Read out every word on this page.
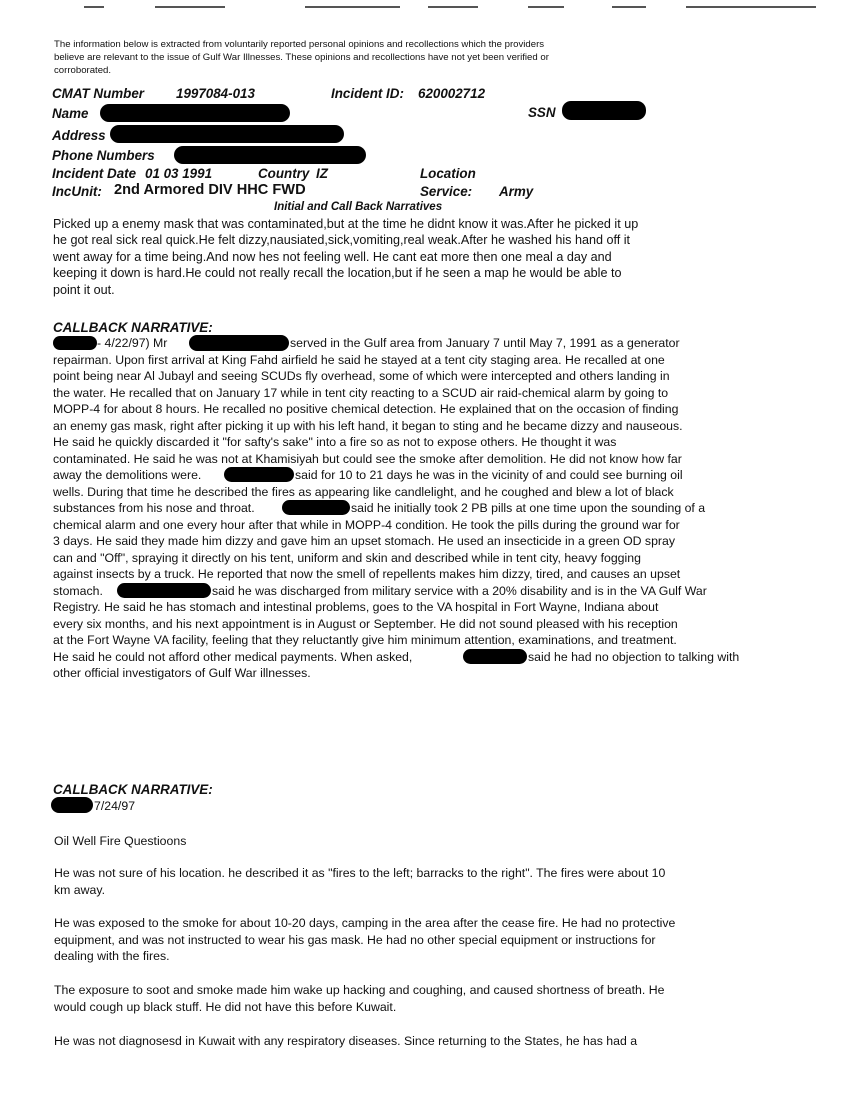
The information below is extracted from voluntarily reported personal opinions and recollections which the providers believe are relevant to the issue of Gulf War Illnesses. These opinions and recollections have not yet been verified or corroborated.
CMAT Number 1997084-013	Incident ID: 620002712
Name	SSN
Address
Phone Numbers
Incident Date 01 03 1991	Country IZ	Location
IncUnit: 2nd Armored DIV HHC FWD	Service: Army
Initial and Call Back Narratives
Picked up a enemy mask that was contaminated,but at the time he didnt know it was.After he picked it up
he got real sick real quick.He felt dizzy,nausiated,sick,vomiting,real weak.After he washed his hand off it
went away for a time being.And now hes not feeling well. He cant eat more then one meal a day and
keeping it down is hard.He could not really recall the location,but if he seen a map he would be able to
point it out.
CALLBACK NARRATIVE:
- 4/22/97) Mr	served in the Gulf area from January 7 until May 7, 1991 as a generator
repairman. Upon first arrival at King Fahd airfield he said he stayed at a tent city staging area. He recalled at one
point being near Al Jubayl and seeing SCUDs fly overhead, some of which were intercepted and others landing in
the water. He recalled that on January 17 while in tent city reacting to a SCUD air raid-chemical alarm by going to
MOPP-4 for about 8 hours. He recalled no positive chemical detection. He explained that on the occasion of finding
an enemy gas mask, right after picking it up with his left hand, it began to sting and he became dizzy and nauseous.
He said he quickly discarded it "for safty's sake" into a fire so as not to expose others. He thought it was
contaminated. He said he was not at Khamisiyah but could see the smoke after demolition. He did not know how far
away the demolitions were.	said for 10 to 21 days he was in the vicinity of and could see burning oil
wells. During that time he described the fires as appearing like candlelight, and he coughed and blew a lot of black
substances from his nose and throat.	said he initially took 2 PB pills at one time upon the sounding of a
chemical alarm and one every hour after that while in MOPP-4 condition. He took the pills during the ground war for
3 days. He said they made him dizzy and gave him an upset stomach. He used an insecticide in a green OD spray
can and "Off", spraying it directly on his tent, uniform and skin and described while in tent city, heavy fogging
against insects by a truck. He reported that now the smell of repellents makes him dizzy, tired, and causes an upset
stomach.	said he was discharged from military service with a 20% disability and is in the VA Gulf War
Registry. He said he has stomach and intestinal problems, goes to the VA hospital in Fort Wayne, Indiana about
every six months, and his next appointment is in August or September. He did not sound pleased with his reception
at the Fort Wayne VA facility, feeling that they reluctantly give him minimum attention, examinations, and treatment.
He said he could not afford other medical payments. When asked,	said he had no objection to talking with
other official investigators of Gulf War illnesses.
CALLBACK NARRATIVE:
7/24/97
Oil Well Fire Questioons
He was not sure of his location. he described it as "fires to the left; barracks to the right". The fires were about 10
km away.
He was exposed to the smoke for about 10-20 days, camping in the area after the cease fire. He had no protective
equipment, and was not instructed to wear his gas mask. He had no other special equipment or instructions for
dealing with the fires.
The exposure to soot and smoke made him wake up hacking and coughing, and caused shortness of breath. He
would cough up black stuff. He did not have this before Kuwait.
He was not diagnosesd in Kuwait with any respiratory diseases. Since returning to the States, he has had a
